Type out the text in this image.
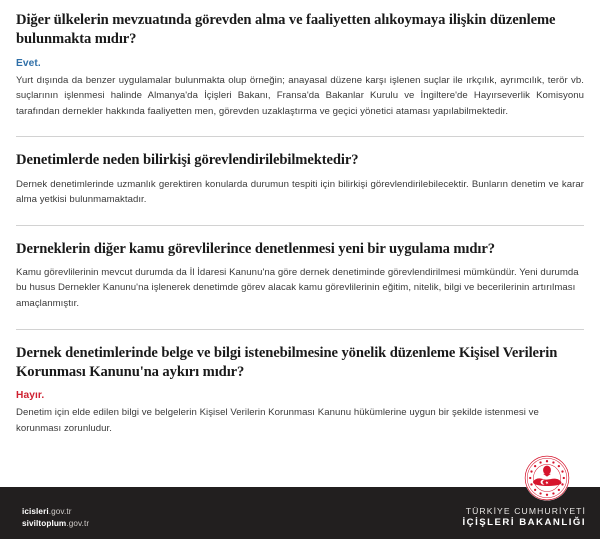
Diğer ülkelerin mevzuatında görevden alma ve faaliyetten alıkoymaya ilişkin düzenleme bulunmakta mıdır?

Evet.

Yurt dışında da benzer uygulamalar bulunmakta olup örneğin; anayasal düzene karşı işlenen suçlar ile ırkçılık, ayrımcılık, terör vb. suçlarının işlenmesi halinde Almanya'da İçişleri Bakanı, Fransa'da Bakanlar Kurulu ve İngiltere'de Hayırseverlik Komisyonu tarafından dernekler hakkında faaliyetten men, görevden uzaklaştırma ve geçici yönetici ataması yapılabilmektedir.

Denetimlerde neden bilirkişi görevlendirilebilmektedir?

Dernek denetimlerinde uzmanlık gerektiren konularda durumun tespiti için bilirkişi görevlendirilebilecektir. Bunların denetim ve karar alma yetkisi bulunmamaktadır.

Derneklerin diğer kamu görevlilerince denetlenmesi yeni bir uygulama mıdır?

Kamu görevlilerinin mevcut durumda da İl İdaresi Kanunu'na göre dernek denetiminde görevlendirilmesi mümkündür. Yeni durumda bu husus Dernekler Kanunu'na işlenerek denetimde görev alacak kamu görevlilerinin eğitim, nitelik, bilgi ve becerilerinin artırılması amaçlanmıştır.

Dernek denetimlerinde belge ve bilgi istenebilmesine yönelik düzenleme Kişisel Verilerin Korunması Kanunu'na aykırı mıdır?

Hayır.

Denetim için elde edilen bilgi ve belgelerin Kişisel Verilerin Korunması Kanunu hükümlerine uygun bir şekilde istenmesi ve korunması zorunludur.

icisleri.gov.tr
siviltoplum.gov.tr
TÜRKİYE CUMHURİYETİ
İÇİŞLERİ BAKANLIĞI
